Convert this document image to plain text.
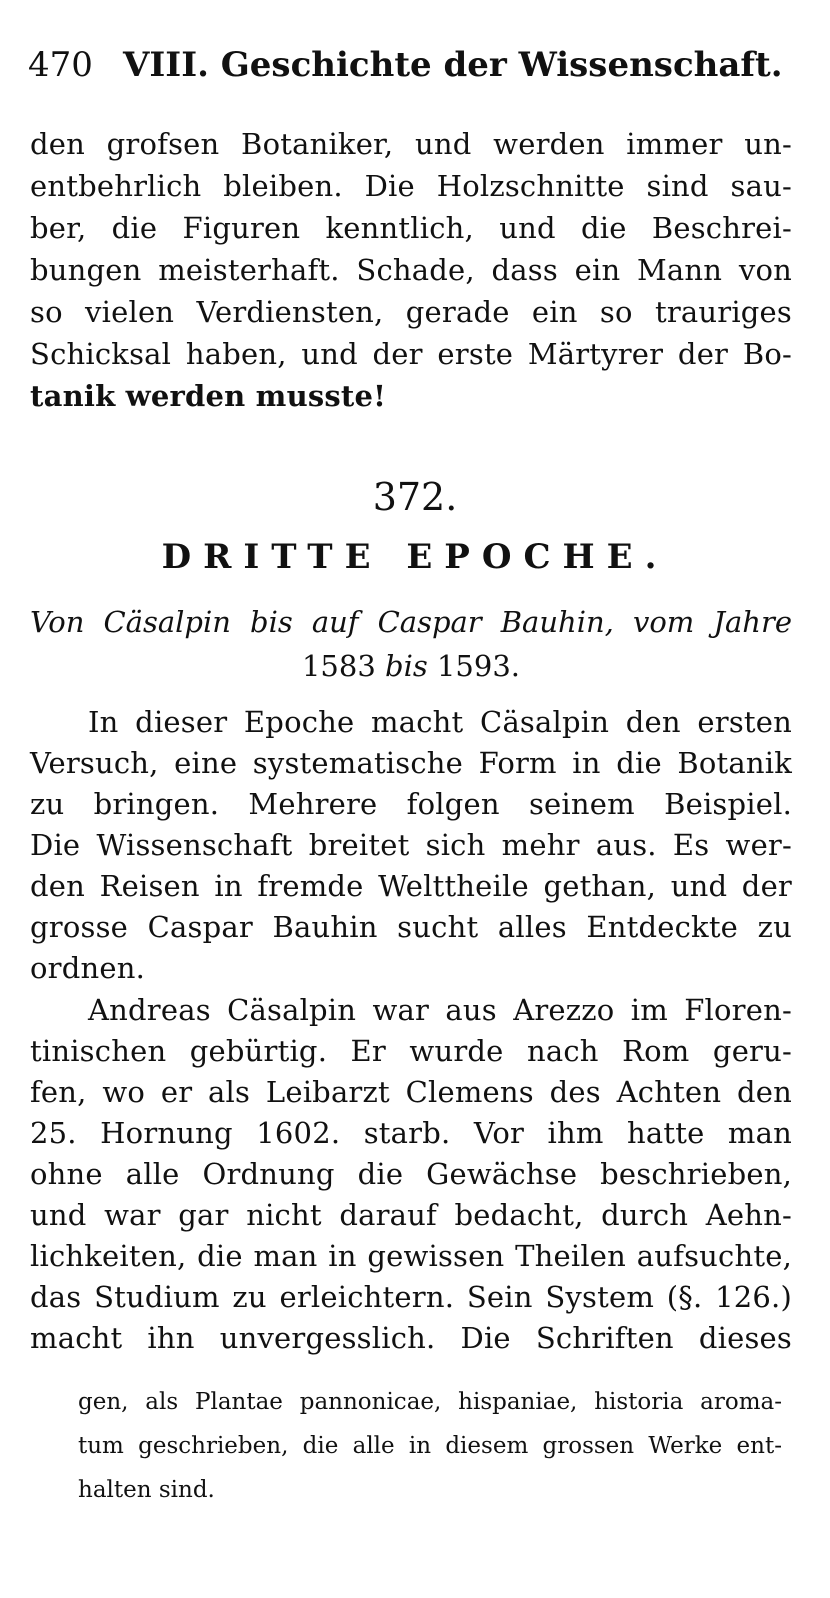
470 VIII. Geschichte der Wissenschaft.
den grofsen Botaniker, und werden immer un-
entbehrlich bleiben. Die Holzschnitte sind sau-
ber, die Figuren kenntlich, und die Beschrei-
bungen meisterhaft. Schade, dass ein Mann von
so vielen Verdiensten, gerade ein so trauriges
Schicksal haben, und der erste Märtyrer der Bo-
tanik werden musste!
372.
DRITTE EPOCHE.
Von Cäsalpin bis auf Caspar Bauhin, vom Jahre
1583 bis 1593.
In dieser Epoche macht Cäsalpin den ersten
Versuch, eine systematische Form in die Botanik
zu bringen. Mehrere folgen seinem Beispiel.
Die Wissenschaft breitet sich mehr aus. Es wer-
den Reisen in fremde Welttheile gethan, und der
grosse Caspar Bauhin sucht alles Entdeckte zu
ordnen.
Andreas Cäsalpin war aus Arezzo im Floren-
tinischen gebürtig. Er wurde nach Rom geru-
fen, wo er als Leibarzt Clemens des Achten den
25. Hornung 1602. starb. Vor ihm hatte man
ohne alle Ordnung die Gewächse beschrieben,
und war gar nicht darauf bedacht, durch Aehn-
lichkeiten, die man in gewissen Theilen aufsuchte,
das Studium zu erleichtern. Sein System (§. 126.)
macht ihn unvergesslich. Die Schriften dieses
gen, als Plantae pannonicae, hispaniae, historia aroma-
tum geschrieben, die alle in diesem grossen Werke ent-
halten sind.
